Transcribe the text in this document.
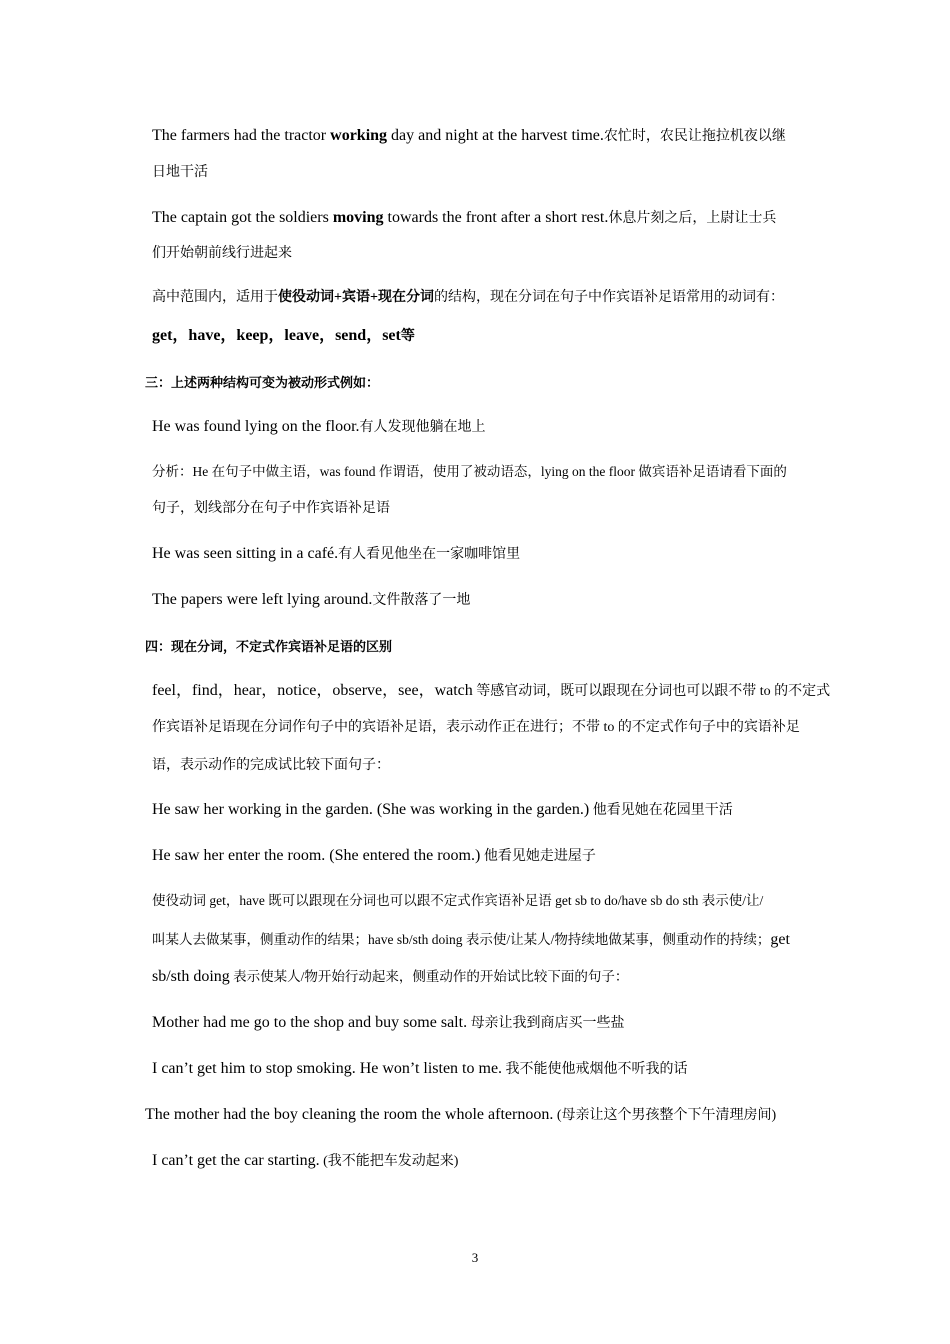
The farmers had the tractor working day and night at the harvest time.农忙时，农民让拖拉机夜以继
日地干活
The captain got the soldiers moving towards the front after a short rest.休息片刻之后，上尉让士兵
们开始朝前线行进起来
高中范围内，适用于使役动词+宾语+现在分词的结构，现在分词在句子中作宾语补足语常用的动词有：
get，have，keep，leave，send，set等
三：上述两种结构可变为被动形式例如：
He was found lying on the floor.有人发现他躺在地上
分析：He 在句子中做主语，was found 作谓语，使用了被动语态，lying on the floor 做宾语补足语请看下面的
句子，划线部分在句子中作宾语补足语
He was seen sitting in a café.有人看见他坐在一家咖啡馆里
The papers were left lying around.文件散落了一地
四：现在分词，不定式作宾语补足语的区别
feel，find，hear，notice，observe，see，watch 等感官动词，既可以跟现在分词也可以跟不带 to 的不定式
作宾语补足语现在分词作句子中的宾语补足语，表示动作正在进行；不带 to 的不定式作句子中的宾语补足
语，表示动作的完成试比较下面句子：
He saw her working in the garden. (She was working in the garden.) 他看见她在花园里干活
He saw her enter the room. (She entered the room.) 他看见她走进屋子
使役动词 get，have 既可以跟现在分词也可以跟不定式作宾语补足语 get sb to do/have sb do sth 表示使/让/
叫某人去做某事，侧重动作的结果；have sb/sth doing 表示使/让某人/物持续地做某事，侧重动作的持续；get
sb/sth doing 表示使某人/物开始行动起来，侧重动作的开始试比较下面的句子：
Mother had me go to the shop and buy some salt. 母亲让我到商店买一些盐
I can’t get him to stop smoking. He won’t listen to me. 我不能使他戒烟他不听我的话
The mother had the boy cleaning the room the whole afternoon. (母亲让这个男孩整个下午清理房间)
I can’t get the car starting. (我不能把车发动起来)
3
